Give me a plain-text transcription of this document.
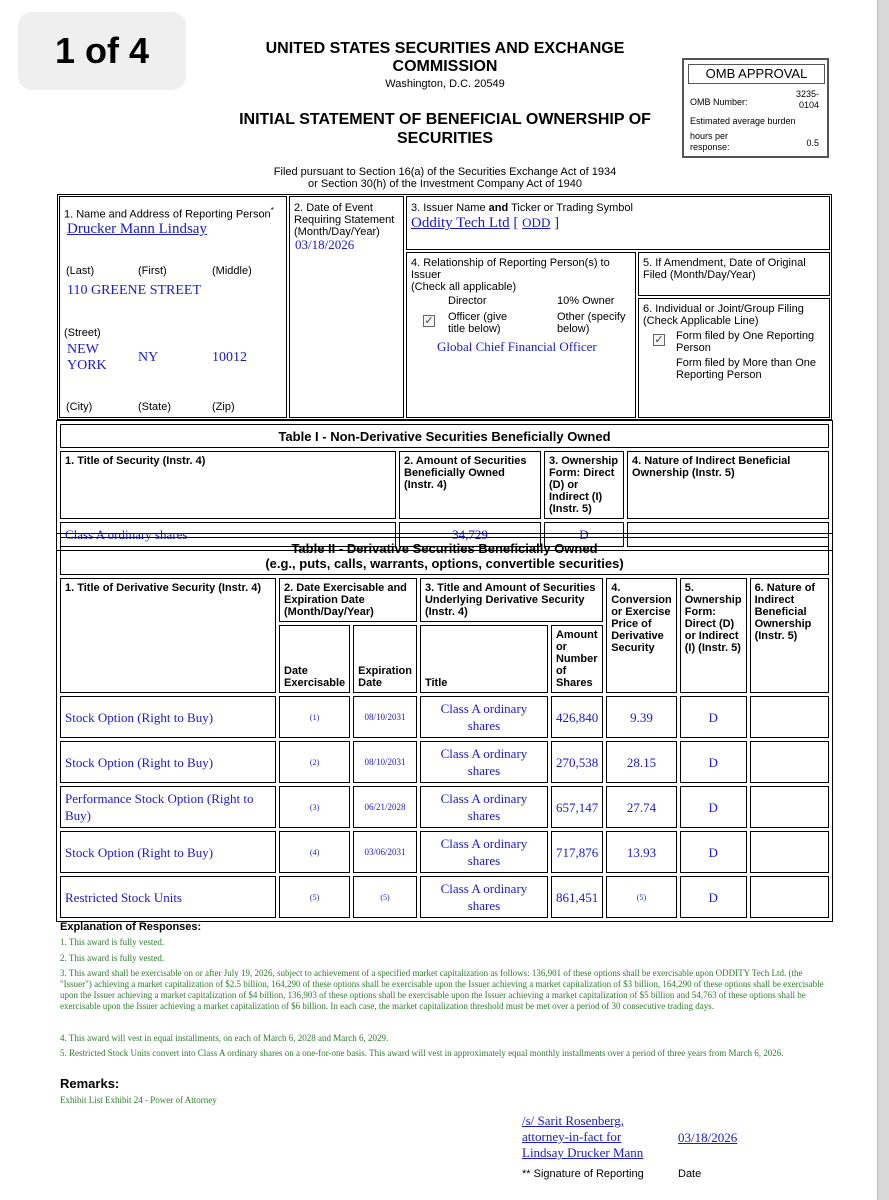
1 of 4	UNITED STATES SECURITIES AND EXCHANGE
COMMISSION
Washington, D.C. 20549
INITIAL STATEMENT OF BENEFICIAL OWNERSHIP OF
SECURITIES
Filed pursuant to Section 16(a) of the Securities Exchange Act of 1934
or Section 30(h) of the Investment Company Act of 1940
OMB APPROVAL
OMB Number:
3235-
0104
Estimated average burden
hours per
response:	0.5
1. Name and Address of Reporting Person*
Drucker Mann Lindsay
(Last)	(First)	(Middle)
110 GREENE STREET
(Street)
NEW
YORK
NY	10012
(City)	(State)	(Zip)
2. Date of Event
Requiring Statement
(Month/Day/Year)
03/18/2026
3. Issuer Name and Ticker or Trading Symbol
Oddity Tech Ltd [ ODD ]
4. Relationship of Reporting Person(s) to
Issuer
(Check all applicable)
Director	10% Owner
✓ Officer (give
title below)
Other (specify
below)
Global Chief Financial Officer
5. If Amendment, Date of Original
Filed (Month/Day/Year)
6. Individual or Joint/Group Filing
(Check Applicable Line)
✓ Form filed by One Reporting
Person
Form filed by More than One
Reporting Person
Table I - Non-Derivative Securities Beneficially Owned			
1. Title of Security (Instr. 4)	2. Amount of Securities Beneficially Owned (Instr. 4)	3. Ownership Form: Direct (D) or Indirect (I) (Instr. 5)	4. Nature of Indirect Beneficial Ownership (Instr. 5)
Class A ordinary shares	34,729	D	
Table II - Derivative Securities Beneficially Owned
(e.g., puts, calls, warrants, options, convertible securities)							

1. Title of Derivative Security (Instr. 4)	2. Date Exercisable and Expiration Date (Month/Day/Year)		3. Title and Amount of Securities Underlying Derivative Security (Instr. 4)		4. Conversion or Exercise Price of Derivative Security	5. Ownership Form: Direct (D) or Indirect (I) (Instr. 5)	6. Nature of Indirect Beneficial Ownership (Instr. 5)
	Date Exercisable	Expiration Date	Title	Amount or Number of Shares			
Stock Option (Right to Buy)	(1)	08/10/2031	Class A ordinary shares	426,840	9.39	D	
Stock Option (Right to Buy)	(2)	08/10/2031	Class A ordinary shares	270,538	28.15	D	
Performance Stock Option (Right to Buy)	(3)	06/21/2028	Class A ordinary shares	657,147	27.74	D	
Stock Option (Right to Buy)	(4)	03/06/2031	Class A ordinary shares	717,876	13.93	D	
Restricted Stock Units	(5)	(5)	Class A ordinary shares	861,451	(5)	D	
Explanation of Responses:
1. This award is fully vested.
2. This award is fully vested.
3. This award shall be exercisable on or after July 19, 2026, subject to achievement of a specified market capitalization as follows: 136,901 of these options shall be exercisable upon ODDITY Tech Ltd. (the "Issuer") achieving a market capitalization of $2.5 billion, 164,290 of these options shall be exercisable upon the Issuer achieving a market capitalization of $3 billion, 164,290 of these options shall be exercisable upon the Issuer achieving a market capitalization of $4 billion, 136,903 of these options shall be exercisable upon the Issuer achieving a market capitalization of $5 billion and 54,763 of these options shall be exercisable upon the Issuer achieving a market capitalization of $6 billion. In each case, the market capitalization threshold must be met over a period of 30 consecutive trading days.
4. This award will vest in equal installments, on each of March 6, 2028 and March 6, 2029.
5. Restricted Stock Units convert into Class A ordinary shares on a one-for-one basis. This award will vest in approximately equal monthly installments over a period of three years from March 6, 2026.
Remarks:
Exhibit List Exhibit 24 - Power of Attorney
/s/ Sarit Rosenberg,
attorney-in-fact for
Lindsay Drucker Mann
03/18/2026
** Signature of Reporting	Date
